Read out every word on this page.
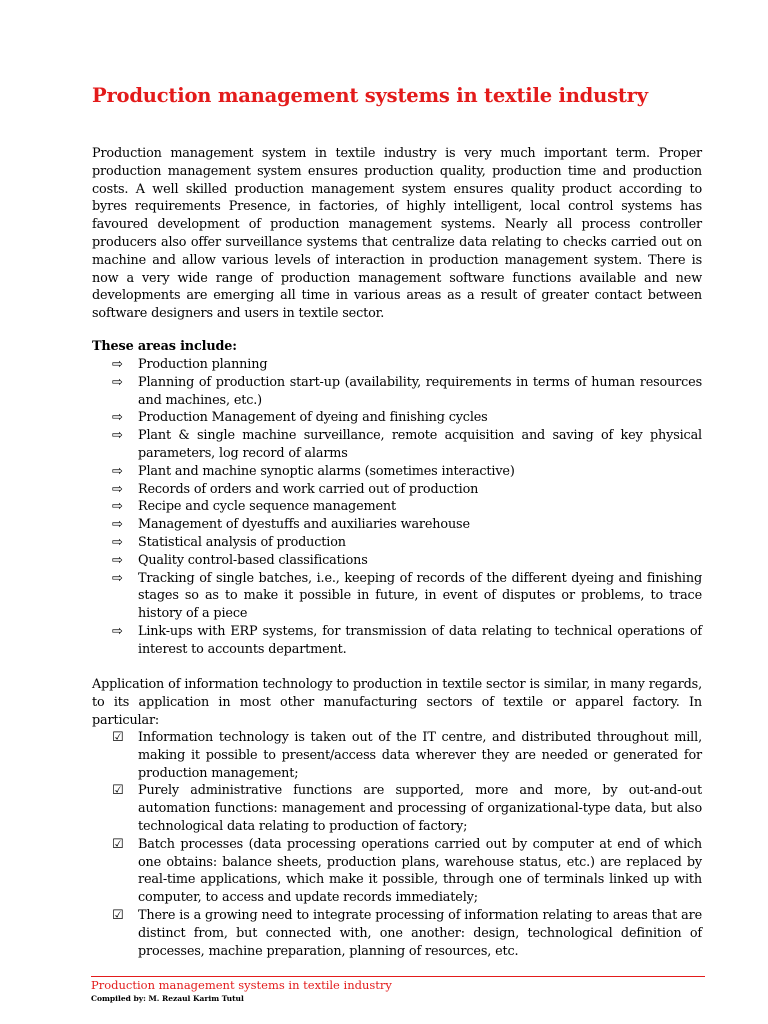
Production management systems in textile industry

Production management system in textile industry is very much important term. Proper production management system ensures production quality, production time and production costs. A well skilled production management system ensures quality product according to byres requirements Presence, in factories, of highly intelligent, local control systems has favoured development of production management systems. Nearly all process controller producers also offer surveillance systems that centralize data relating to checks carried out on machine and allow various levels of interaction in production management system. There is now a very wide range of production management software functions available and new developments are emerging all time in various areas as a result of greater contact between software designers and users in textile sector.

These areas include:
⇨	Production planning
⇨	Planning of production start-up (availability, requirements in terms of human resources and machines, etc.)
⇨	Production Management of dyeing and finishing cycles
⇨	Plant & single machine surveillance, remote acquisition and saving of key physical parameters, log record of alarms
⇨	Plant and machine synoptic alarms (sometimes interactive)
⇨	Records of orders and work carried out of production
⇨	Recipe and cycle sequence management
⇨	Management of dyestuffs and auxiliaries warehouse
⇨	Statistical analysis of production
⇨	Quality control-based classifications
⇨	Tracking of single batches, i.e., keeping of records of the different dyeing and finishing stages so as to make it possible in future, in event of disputes or problems, to trace history of a piece
⇨	Link-ups with ERP systems, for transmission of data relating to technical operations of interest to accounts department.

Application of information technology to production in textile sector is similar, in many regards, to its application in most other manufacturing sectors of textile or apparel factory. In particular:

☑	Information technology is taken out of the IT centre, and distributed throughout mill, making it possible to present/access data wherever they are needed or generated for production management;
☑	Purely administrative functions are supported, more and more, by out-and-out automation functions: management and processing of organizational-type data, but also technological data relating to production of factory;
☑	Batch processes (data processing operations carried out by computer at end of which one obtains: balance sheets, production plans, warehouse status, etc.) are replaced by real-time applications, which make it possible, through one of terminals linked up with computer, to access and update records immediately;
☑	There is a growing need to integrate processing of information relating to areas that are distinct from, but connected with, one another: design, technological definition of processes, machine preparation, planning of resources, etc.
Production management systems in textile industry
Compiled by: M. Rezaul Karim Tutul
